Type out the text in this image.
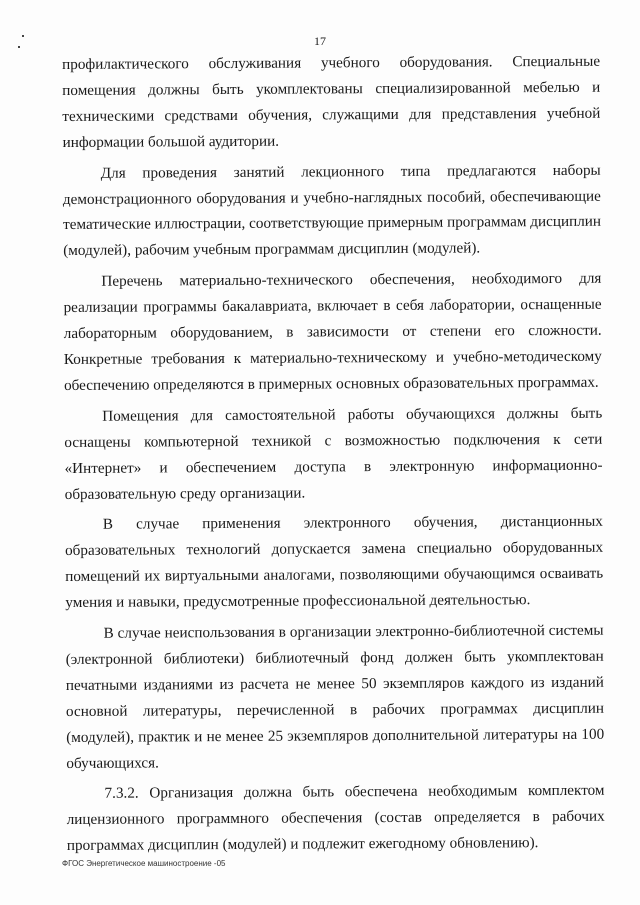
17

профилактического обслуживания учебного оборудования. Специальные помещения должны быть укомплектованы специализированной мебелью и техническими средствами обучения, служащими для представления учебной информации большой аудитории.

Для проведения занятий лекционного типа предлагаются наборы демонстрационного оборудования и учебно-наглядных пособий, обеспечивающие тематические иллюстрации, соответствующие примерным программам дисциплин (модулей), рабочим учебным программам дисциплин (модулей).

Перечень материально-технического обеспечения, необходимого для реализации программы бакалавриата, включает в себя лаборатории, оснащенные лабораторным оборудованием, в зависимости от степени его сложности. Конкретные требования к материально-техническому и учебно-методическому обеспечению определяются в примерных основных образовательных программах.

Помещения для самостоятельной работы обучающихся должны быть оснащены компьютерной техникой с возможностью подключения к сети «Интернет» и обеспечением доступа в электронную информационно-образовательную среду организации.

В случае применения электронного обучения, дистанционных образовательных технологий допускается замена специально оборудованных помещений их виртуальными аналогами, позволяющими обучающимся осваивать умения и навыки, предусмотренные профессиональной деятельностью.

В случае неиспользования в организации электронно-библиотечной системы (электронной библиотеки) библиотечный фонд должен быть укомплектован печатными изданиями из расчета не менее 50 экземпляров каждого из изданий основной литературы, перечисленной в рабочих программах дисциплин (модулей), практик и не менее 25 экземпляров дополнительной литературы на 100 обучающихся.

7.3.2. Организация должна быть обеспечена необходимым комплектом лицензионного программного обеспечения (состав определяется в рабочих программах дисциплин (модулей) и подлежит ежегодному обновлению).

ФГОС Энергетическое машиностроение -05
